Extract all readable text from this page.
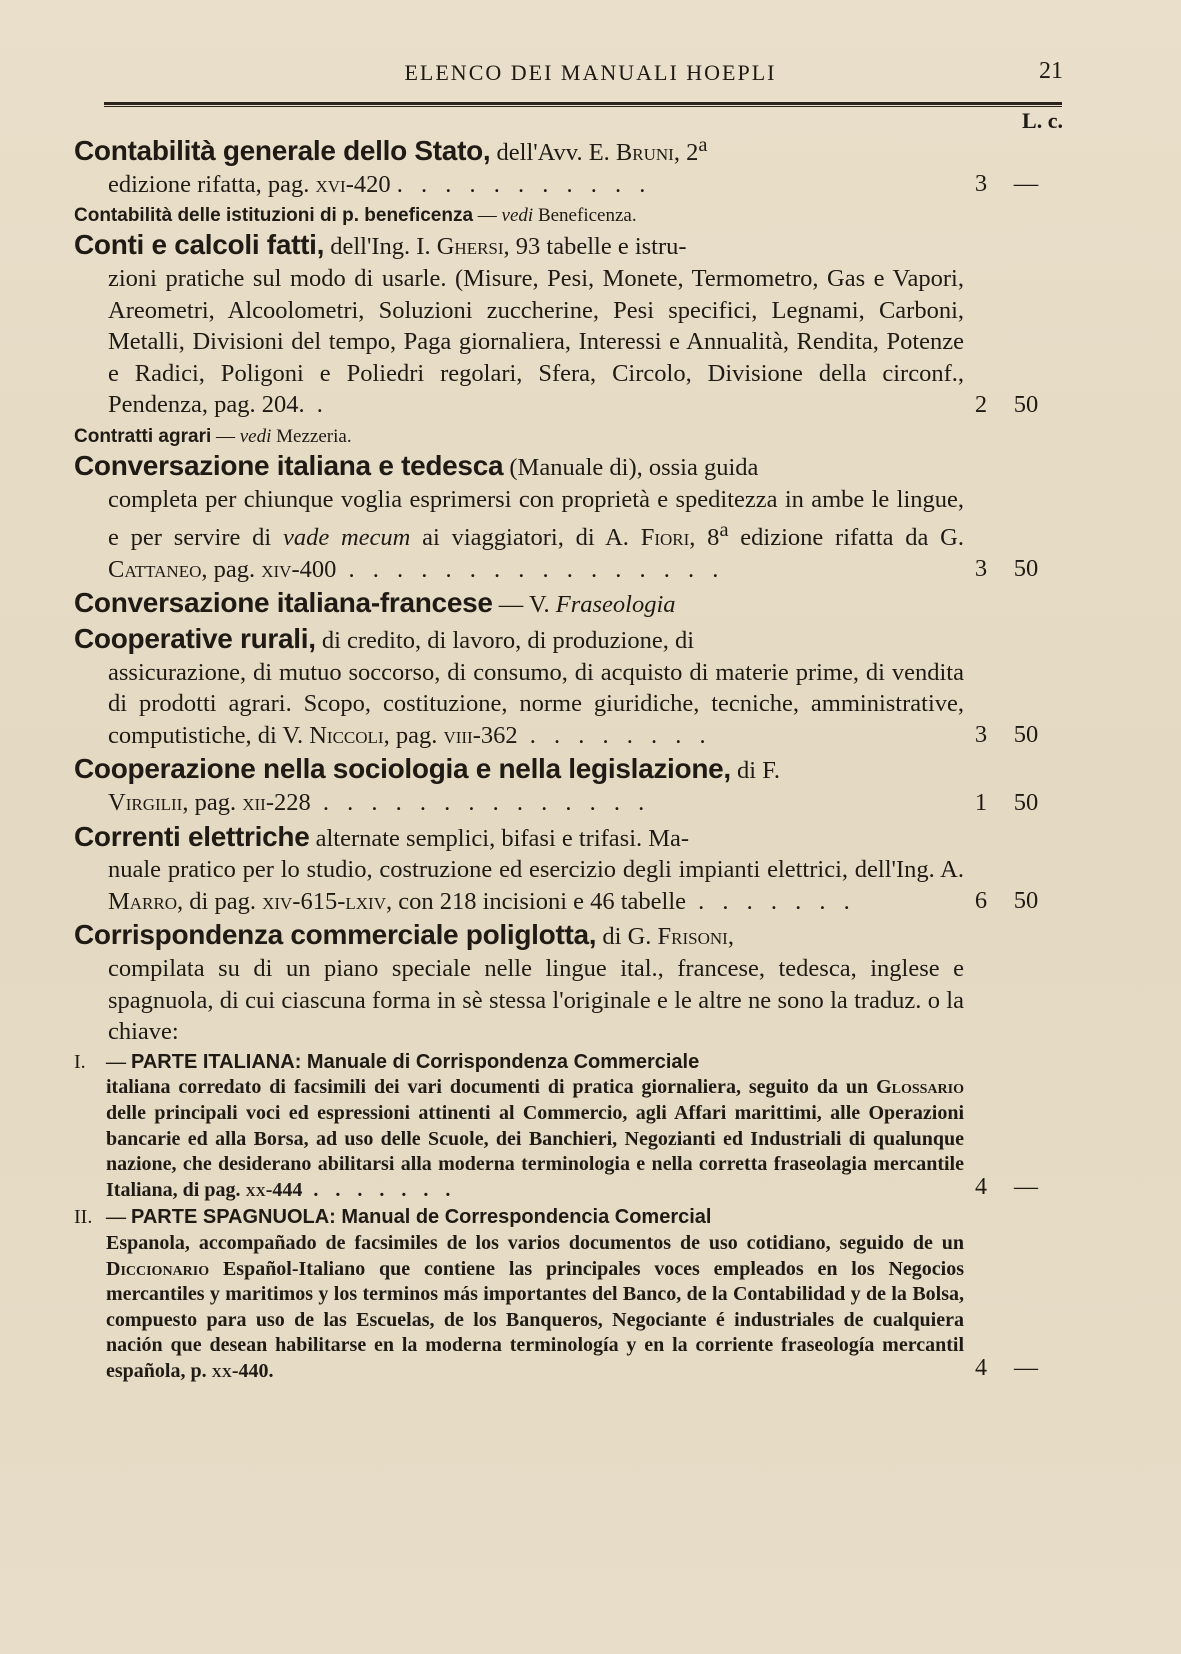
ELENCO DEI MANUALI HOEPLI	21
L. c.

Contabilità generale dello Stato, dell'Avv. E. Bruni, 2$^a$

edizione rifatta, pag. xvi-420 . . . . . . . . . . .	3 —

Contabilità delle istituzioni di p. beneficenza — vedi Beneficenza.

Conti e calcoli fatti, dell'Ing. I. Ghersi, 93 tabelle e istru-

zioni pratiche sul modo di usarle. (Misure, Pesi, Monete, Termometro, Gas e Vapori, Areometri, Alcoolometri, Soluzioni zuccherine, Pesi specifici, Legnami, Carboni, Metalli, Divisioni del tempo, Paga giornaliera, Interessi e Annualità, Rendita, Potenze e Radici, Poligoni e Poliedri regolari, Sfera, Circolo, Divisione della circonf., Pendenza, pag. 204. .	2 50

Contratti agrari — vedi Mezzeria.

Conversazione italiana e tedesca (Manuale di), ossia guida

completa per chiunque voglia esprimersi con proprietà e speditezza in ambe le lingue, e per servire di vade mecum ai viaggiatori, di A. Fiori, 8$^a$ edizione rifatta da G. Cattaneo, pag. xiv-400 . . . . . . . . . . . . . . . .	3 50

Conversazione italiana-francese — V. Fraseologia

Cooperative rurali, di credito, di lavoro, di produzione, di

assicurazione, di mutuo soccorso, di consumo, di acquisto di materie prime, di vendita di prodotti agrari. Scopo, costituzione, norme giuridiche, tecniche, amministrative, computistiche, di V. Niccoli, pag. viii-362 . . . . . . . .	3 50

Cooperazione nella sociologia e nella legislazione, di F.

Virgilii, pag. xii-228 . . . . . . . . . . . . . .	1 50

Correnti elettriche alternate semplici, bifasi e trifasi. Ma-

nuale pratico per lo studio, costruzione ed esercizio degli impianti elettrici, dell'Ing. A. Marro, di pag. xiv-615-lxiv, con 218 incisioni e 46 tabelle . . . . . . .	6 50

Corrispondenza commerciale poliglotta, di G. Frisoni,

compilata su di un piano speciale nelle lingue ital., francese, tedesca, inglese e spagnuola, di cui ciascuna forma in sè stessa l'originale e le altre ne sono la traduz. o la chiave:

I. — PARTE ITALIANA: Manuale di Corrispondenza Commerciale

italiana corredato di facsimili dei vari documenti di pratica giornaliera, seguito da un Glossario delle principali voci ed espressioni attinenti al Commercio, agli Affari marittimi, alle Operazioni bancarie ed alla Borsa, ad uso delle Scuole, dei Banchieri, Negozianti ed Industriali di qualunque nazione, che desiderano abilitarsi alla moderna terminologia e nella corretta fraseolagia mercantile Italiana, di pag. xx-444 . . . . . . .	4 —

II. — PARTE SPAGNUOLA: Manual de Correspondencia Comercial

Espanola, accompañado de facsimiles de los varios documentos de uso cotidiano, seguido de un Diccionario Español-Italiano que contiene las principales voces empleados en los Negocios mercantiles y maritimos y los terminos más importantes del Banco, de la Contabilidad y de la Bolsa, compuesto para uso de las Escuelas, de los Banqueros, Negociante é industriales de cualquiera nación que desean habilitarse en la moderna terminología y en la corriente fraseología mercantil española, p. xx-440.	4 —
